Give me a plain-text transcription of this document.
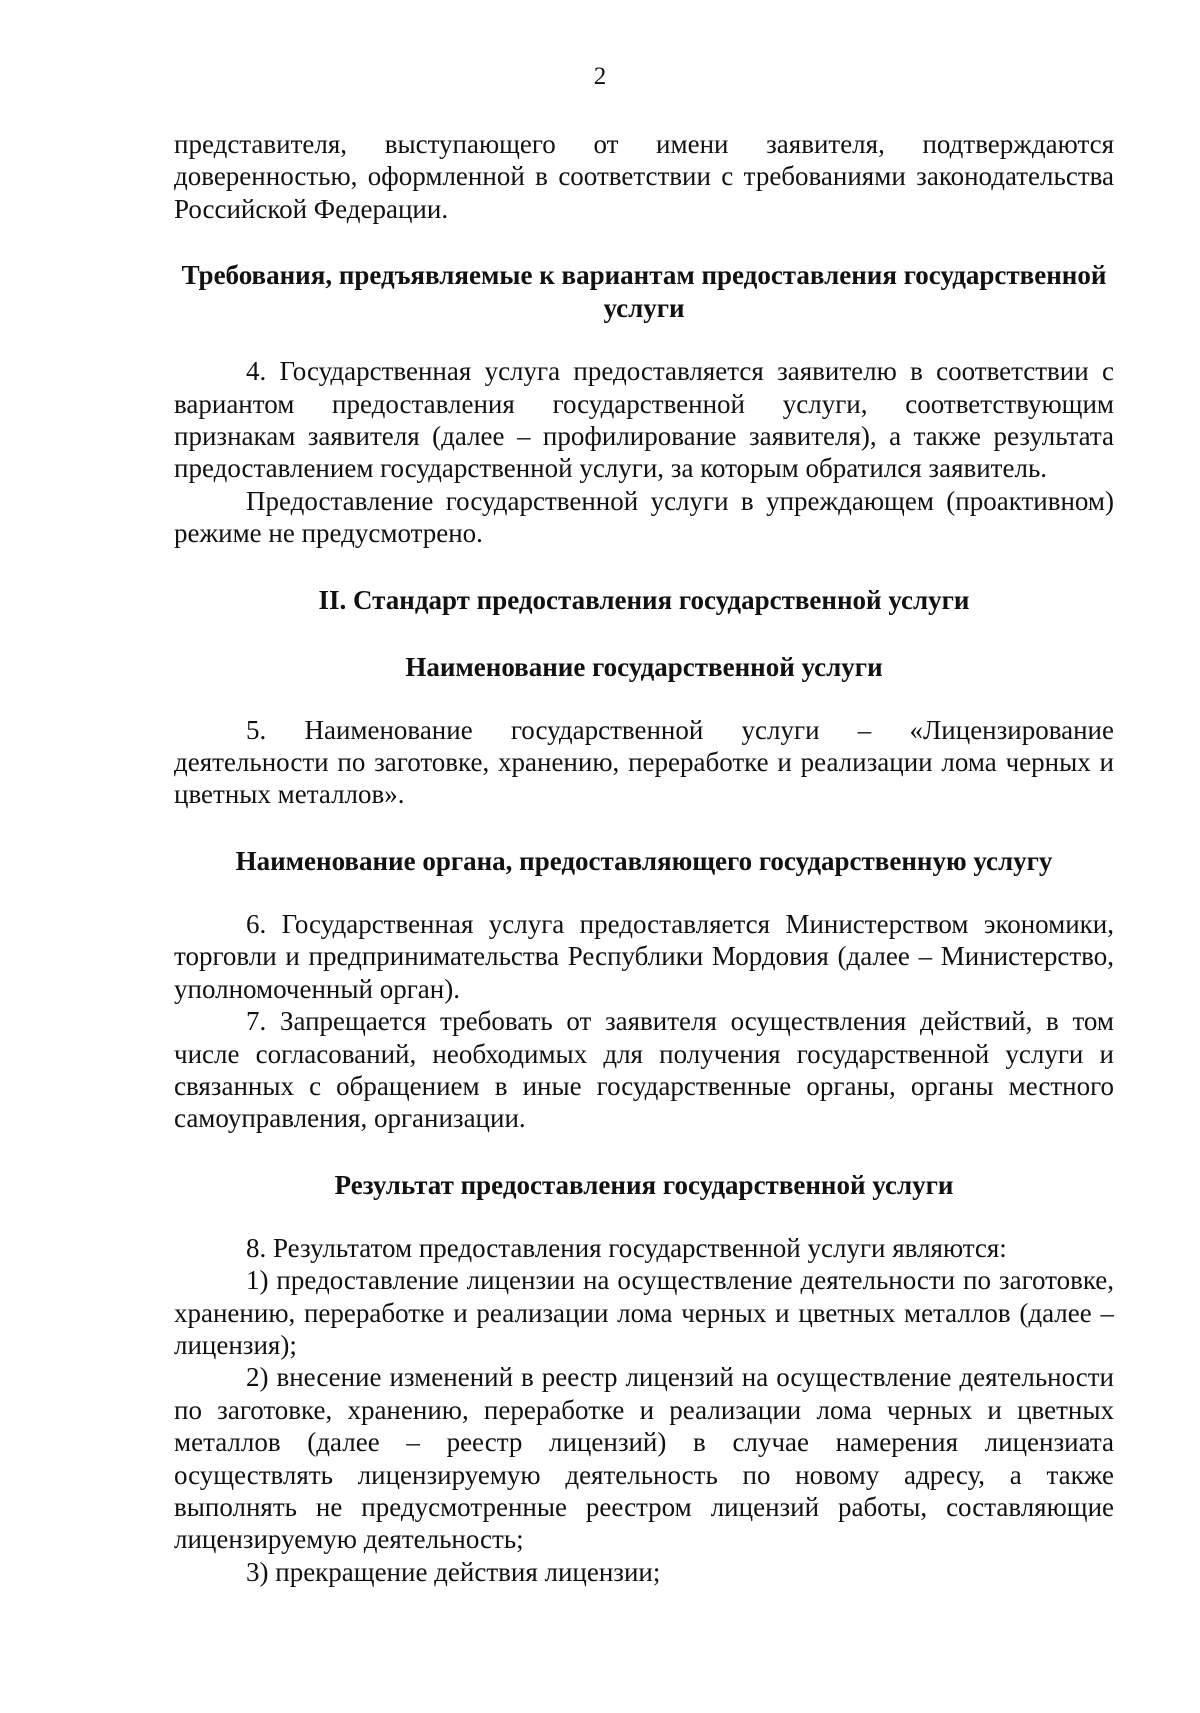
2

представителя, выступающего от имени заявителя, подтверждаются доверенностью, оформленной в соответствии с требованиями законодательства Российской Федерации.

Требования, предъявляемые к вариантам предоставления государственной услуги

4. Государственная услуга предоставляется заявителю в соответствии с вариантом предоставления государственной услуги, соответствующим признакам заявителя (далее – профилирование заявителя), а также результата предоставлением государственной услуги, за которым обратился заявитель.

Предоставление государственной услуги в упреждающем (проактивном) режиме не предусмотрено.

II. Стандарт предоставления государственной услуги

Наименование государственной услуги

5. Наименование государственной услуги – «Лицензирование деятельности по заготовке, хранению, переработке и реализации лома черных и цветных металлов».

Наименование органа, предоставляющего государственную услугу

6. Государственная услуга предоставляется Министерством экономики, торговли и предпринимательства Республики Мордовия (далее – Министерство, уполномоченный орган).

7. Запрещается требовать от заявителя осуществления действий, в том числе согласований, необходимых для получения государственной услуги и связанных с обращением в иные государственные органы, органы местного самоуправления, организации.

Результат предоставления государственной услуги

8. Результатом предоставления государственной услуги являются:

1) предоставление лицензии на осуществление деятельности по заготовке, хранению, переработке и реализации лома черных и цветных металлов (далее – лицензия);

2) внесение изменений в реестр лицензий на осуществление деятельности по заготовке, хранению, переработке и реализации лома черных и цветных металлов (далее – реестр лицензий) в случае намерения лицензиата осуществлять лицензируемую деятельность по новому адресу, а также выполнять не предусмотренные реестром лицензий работы, составляющие лицензируемую деятельность;

3) прекращение действия лицензии;
